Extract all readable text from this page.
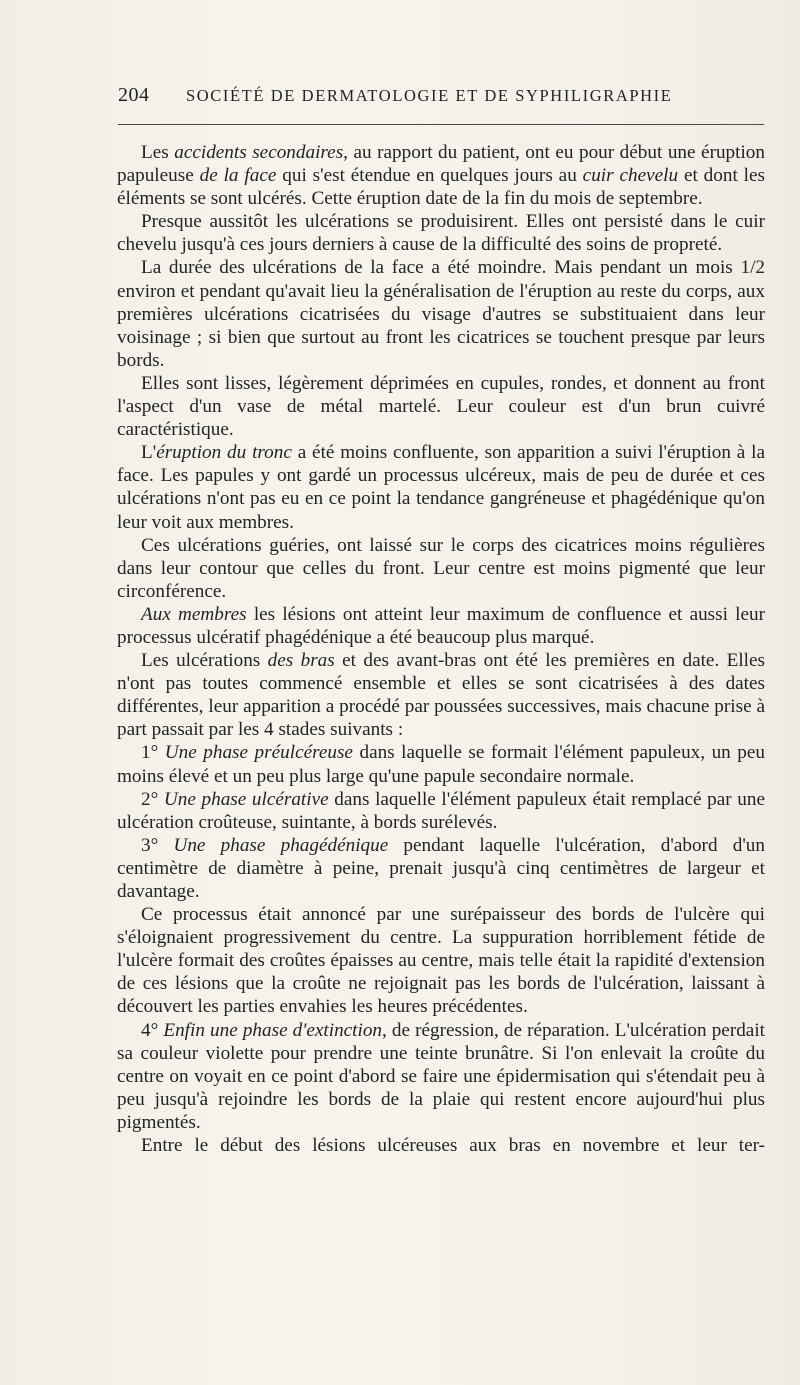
204 SOCIÉTÉ DE DERMATOLOGIE ET DE SYPHILIGRAPHIE

Les accidents secondaires, au rapport du patient, ont eu pour début une éruption papuleuse de la face qui s'est étendue en quelques jours au cuir chevelu et dont les éléments se sont ulcérés. Cette éruption date de la fin du mois de septembre.

Presque aussitôt les ulcérations se produisirent. Elles ont persisté dans le cuir chevelu jusqu'à ces jours derniers à cause de la difficulté des soins de propreté.

La durée des ulcérations de la face a été moindre. Mais pendant un mois 1/2 environ et pendant qu'avait lieu la généralisation de l'éruption au reste du corps, aux premières ulcérations cicatrisées du visage d'autres se substituaient dans leur voisinage ; si bien que surtout au front les cicatrices se touchent presque par leurs bords.

Elles sont lisses, légèrement déprimées en cupules, rondes, et donnent au front l'aspect d'un vase de métal martelé. Leur couleur est d'un brun cuivré caractéristique.

L'éruption du tronc a été moins confluente, son apparition a suivi l'éruption à la face. Les papules y ont gardé un processus ulcéreux, mais de peu de durée et ces ulcérations n'ont pas eu en ce point la tendance gangréneuse et phagédénique qu'on leur voit aux membres.

Ces ulcérations guéries, ont laissé sur le corps des cicatrices moins régulières dans leur contour que celles du front. Leur centre est moins pigmenté que leur circonférence.

Aux membres les lésions ont atteint leur maximum de confluence et aussi leur processus ulcératif phagédénique a été beaucoup plus marqué.

Les ulcérations des bras et des avant-bras ont été les premières en date. Elles n'ont pas toutes commencé ensemble et elles se sont cicatrisées à des dates différentes, leur apparition a procédé par poussées successives, mais chacune prise à part passait par les 4 stades suivants :

1° Une phase préulcéreuse dans laquelle se formait l'élément papuleux, un peu moins élevé et un peu plus large qu'une papule secondaire normale.

2° Une phase ulcérative dans laquelle l'élément papuleux était remplacé par une ulcération croûteuse, suintante, à bords surélevés.

3° Une phase phagédénique pendant laquelle l'ulcération, d'abord d'un centimètre de diamètre à peine, prenait jusqu'à cinq centimètres de largeur et davantage.

Ce processus était annoncé par une surépaisseur des bords de l'ulcère qui s'éloignaient progressivement du centre. La suppuration horriblement fétide de l'ulcère formait des croûtes épaisses au centre, mais telle était la rapidité d'extension de ces lésions que la croûte ne rejoignait pas les bords de l'ulcération, laissant à découvert les parties envahies les heures précédentes.

4° Enfin une phase d'extinction, de régression, de réparation. L'ulcération perdait sa couleur violette pour prendre une teinte brunâtre. Si l'on enlevait la croûte du centre on voyait en ce point d'abord se faire une épidermisation qui s'étendait peu à peu jusqu'à rejoindre les bords de la plaie qui restent encore aujourd'hui plus pigmentés.

Entre le début des lésions ulcéreuses aux bras en novembre et leur ter-
